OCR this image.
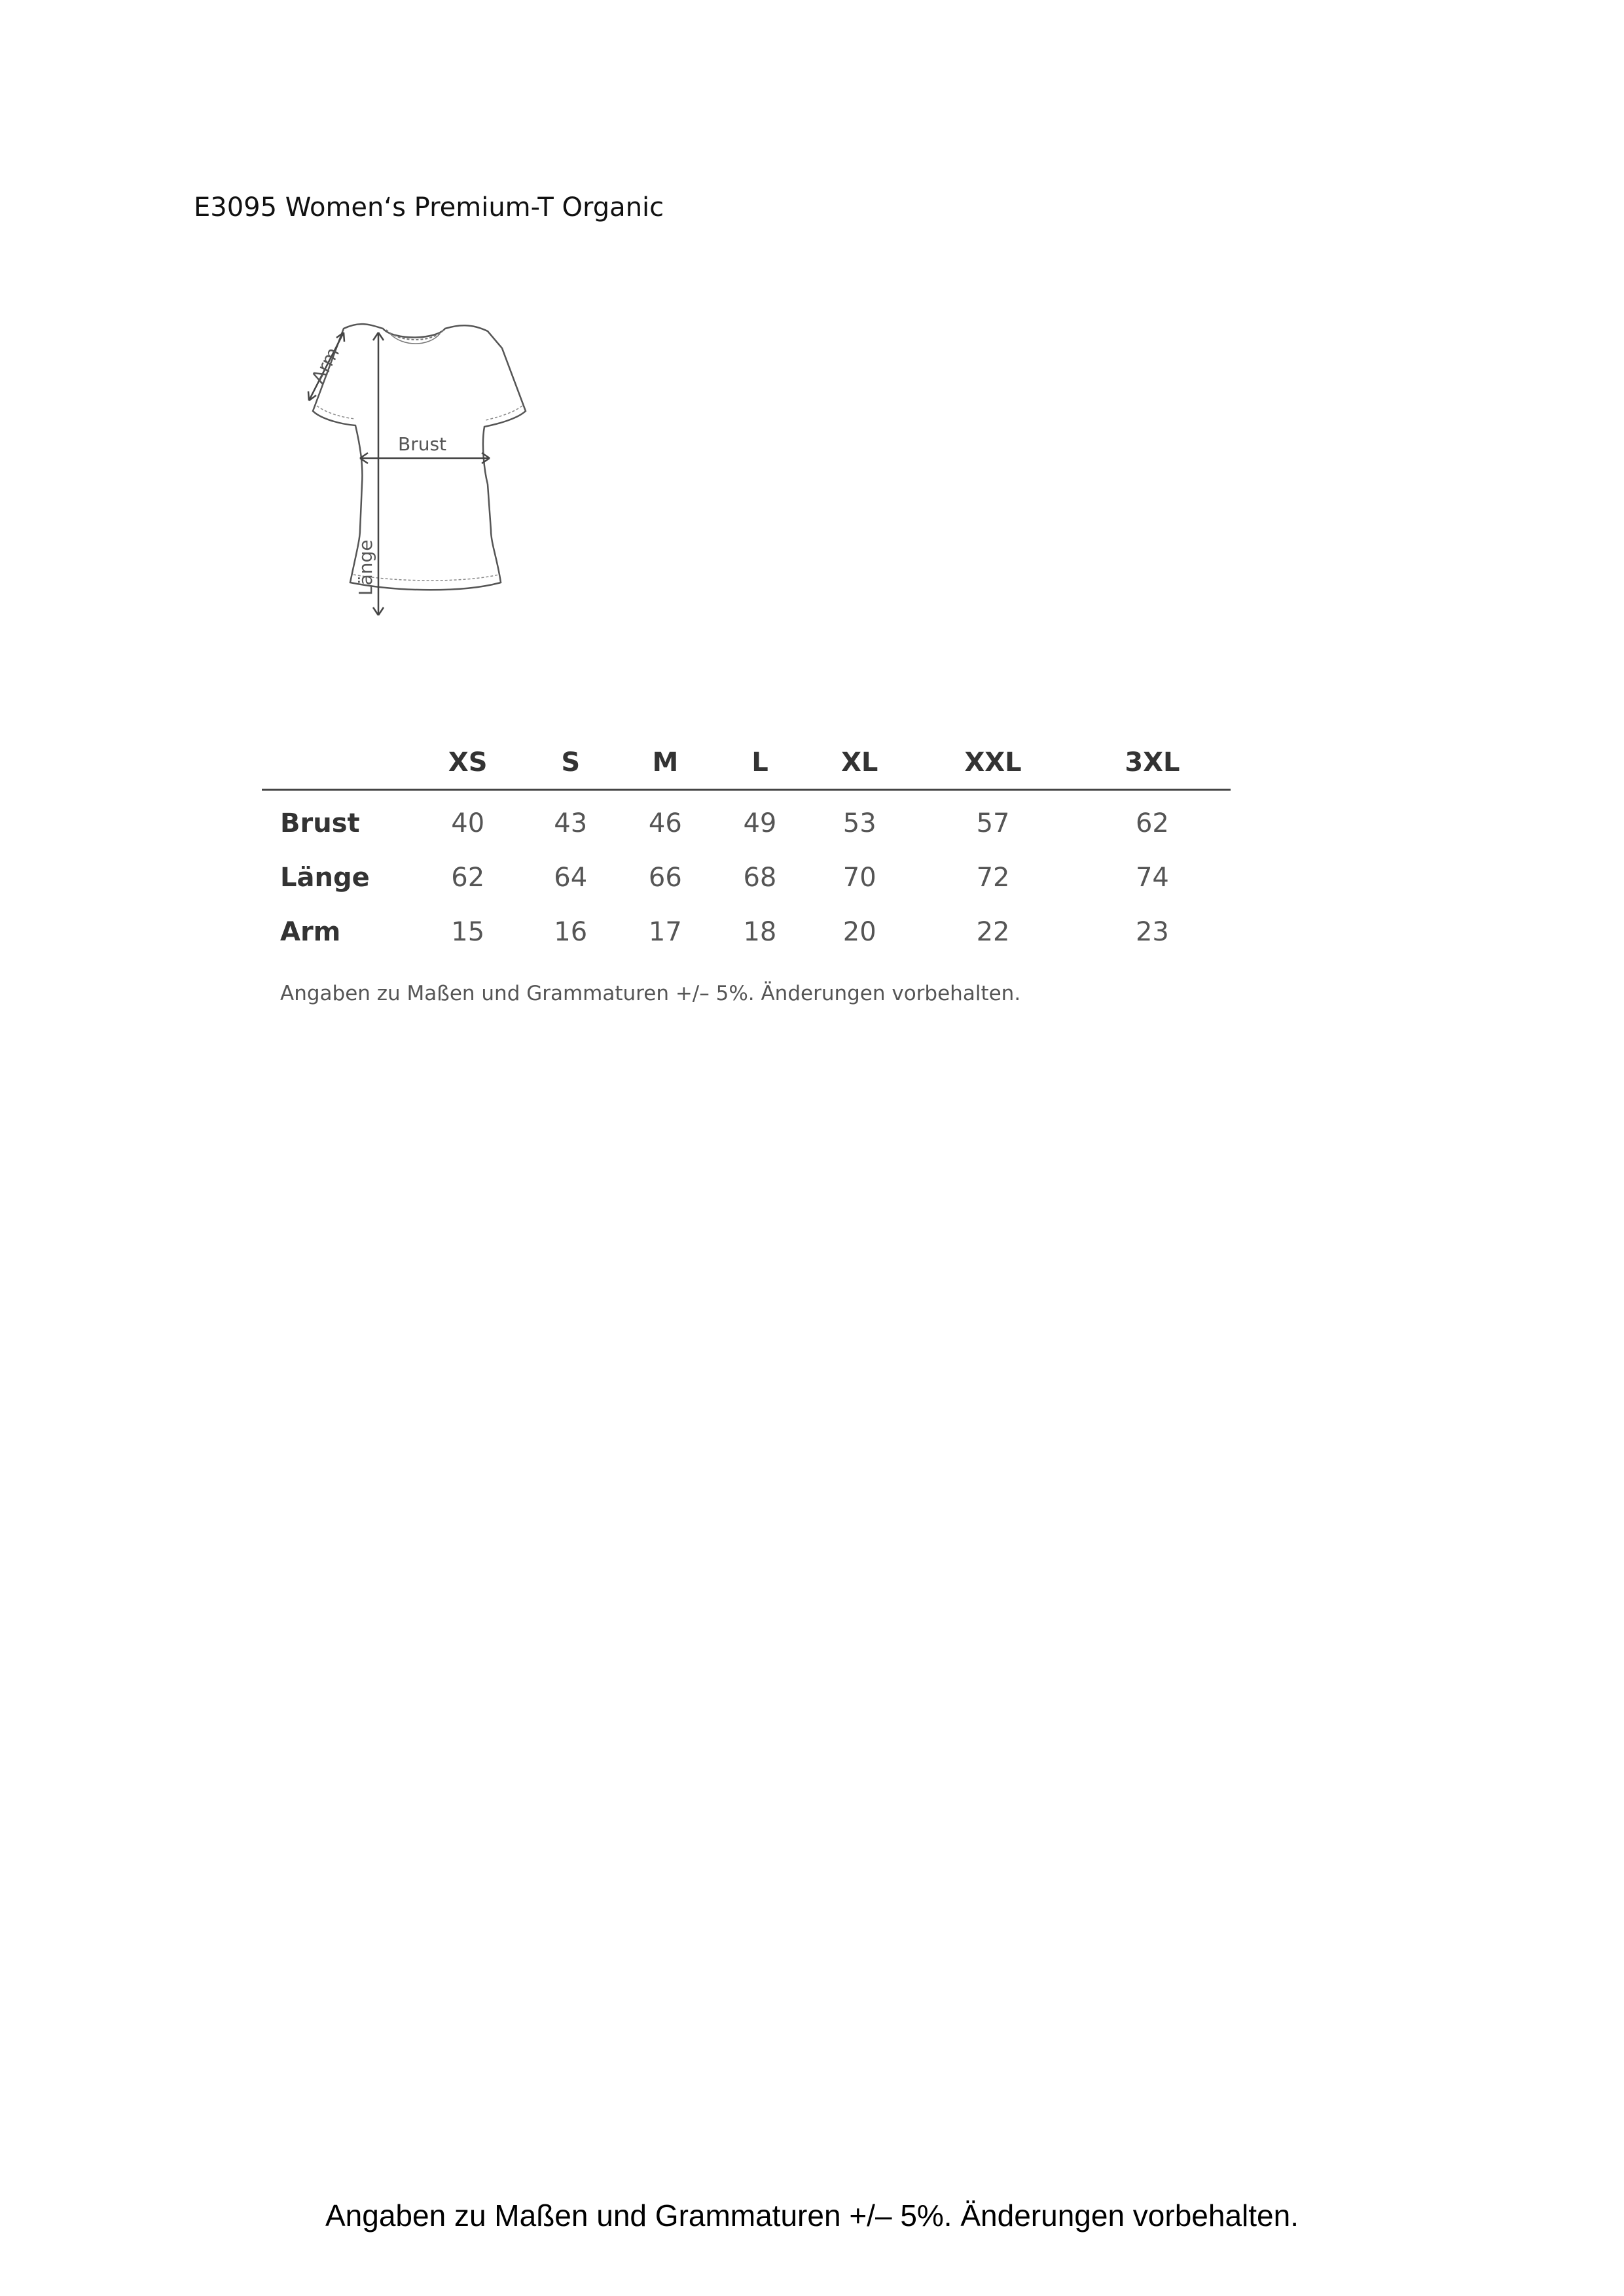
E3095 Women‘s Premium-T Organic
Arm
Brust
Länge
	XS	S	M	L	XL	XXL	3XL
Brust	40	43	46	49	53	57	62
Länge	62	64	66	68	70	72	74
Arm	15	16	17	18	20	22	23
Angaben zu Maßen und Grammaturen +/– 5%. Änderungen vorbehalten.
Angaben zu Maßen und Grammaturen +/– 5%. Änderungen vorbehalten.
